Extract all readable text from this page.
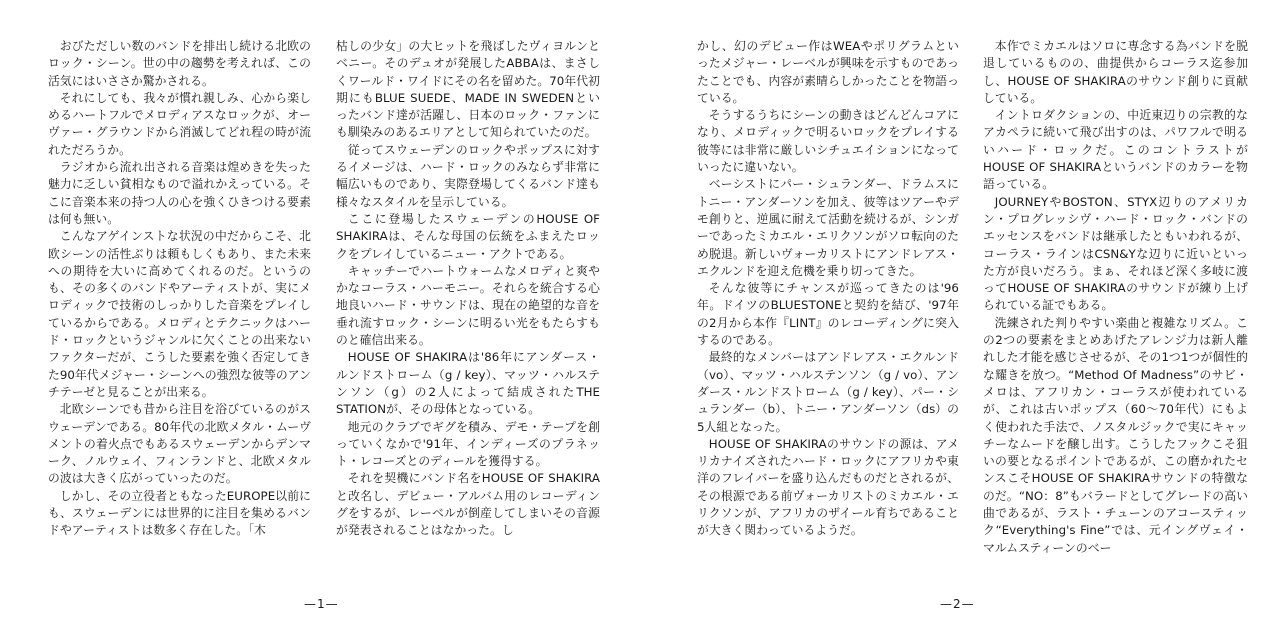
おびただしい数のバンドを排出し続ける北欧のロック・シーン。世の中の趨勢を考えれば、この活気にはいささか驚かされる。

それにしても、我々が慣れ親しみ、心から楽しめるハートフルでメロディアスなロックが、オーヴァー・グラウンドから消滅してどれ程の時が流れただろうか。

ラジオから流れ出される音楽は煌めきを失った魅力に乏しい貧相なもので溢れかえっている。そこに音楽本来の持つ人の心を強くひきつける要素は何も無い。

こんなアゲインストな状況の中だからこそ、北欧シーンの活性ぶりは頼もしくもあり、また未来への期待を大いに高めてくれるのだ。というのも、その多くのバンドやアーティストが、実にメロディックで技術のしっかりした音楽をプレイしているからである。メロディとテクニックはハード・ロックというジャンルに欠くことの出来ないファクターだが、こうした要素を強く否定してきた90年代メジャー・シーンへの強烈な彼等のアンチテーゼと見ることが出来る。

北欧シーンでも昔から注目を浴びているのがスウェーデンである。80年代の北欧メタル・ムーヴメントの着火点でもあるスウェーデンからデンマーク、ノルウェイ、フィンランドと、北欧メタルの波は大きく広がっていったのだ。

しかし、その立役者ともなったEUROPE以前にも、スウェーデンには世界的に注目を集めるバンドやアーティストは数多く存在した。「木

枯しの少女」の大ヒットを飛ばしたヴィヨルンとベニー。そのデュオが発展したABBAは、まさしくワールド・ワイドにその名を留めた。70年代初期にもBLUE SUEDE、MADE IN SWEDENといったバンド達が活躍し、日本のロック・ファンにも馴染みのあるエリアとして知られていたのだ。

従ってスウェーデンのロックやポップスに対するイメージは、ハード・ロックのみならず非常に幅広いものであり、実際登場してくるバンド達も様々なスタイルを呈示している。

ここに登場したスウェーデンのHOUSE OF SHAKIRAは、そんな母国の伝統をふまえたロックをプレイしているニュー・アクトである。

キャッチーでハートウォームなメロディと爽やかなコーラス・ハーモニー。それらを統合する心地良いハード・サウンドは、現在の絶望的な音を垂れ流すロック・シーンに明るい光をもたらすものと確信出来る。

HOUSE OF SHAKIRAは'86年にアンダース・ルンドストローム（g / key）、マッツ・ハルステンソン（g）の2人によって結成されたTHE STATIONが、その母体となっている。

地元のクラブでギグを積み、デモ・テープを創っていくなかで'91年、インディーズのプラネット・レコーズとのディールを獲得する。

それを契機にバンド名をHOUSE OF SHAKIRAと改名し、デビュー・アルバム用のレコーディングをするが、レーベルが倒産してしまいその音源が発表されることはなかった。し

—1—

かし、幻のデビュー作はWEAやポリグラムといったメジャー・レーベルが興味を示すものであったことでも、内容が素晴らしかったことを物語っている。

そうするうちにシーンの動きはどんどんコアになり、メロディックで明るいロックをプレイする彼等には非常に厳しいシチュエイションになっていったに違いない。

ベーシストにパー・シュランダー、ドラムスにトニー・アンダーソンを加え、彼等はツアーやデモ創りと、逆風に耐えて活動を続けるが、シンガーであったミカエル・エリクソンがソロ転向のため脱退。新しいヴォーカリストにアンドレアス・エクルンドを迎え危機を乗り切ってきた。

そんな彼等にチャンスが巡ってきたのは'96年。ドイツのBLUESTONEと契約を結び、'97年の2月から本作『LINT』のレコーディングに突入するのである。

最終的なメンバーはアンドレアス・エクルンド（vo）、マッツ・ハルステンソン（g / vo）、アンダース・ルンドストローム（g / key）、パー・シュランダー（b）、トニー・アンダーソン（ds）の5人組となった。

HOUSE OF SHAKIRAのサウンドの源は、アメリカナイズされたハード・ロックにアフリカや東洋のフレイバーを盛り込んだものだとされるが、その根源である前ヴォーカリストのミカエル・エリクソンが、アフリカのザイール育ちであることが大きく関わっているようだ。

本作でミカエルはソロに専念する為バンドを脱退しているものの、曲提供からコーラス迄参加し、HOUSE OF SHAKIRAのサウンド創りに貢献している。

イントロダクションの、中近東辺りの宗教的なアカペラに続いて飛び出すのは、パワフルで明るいハード・ロックだ。このコントラストがHOUSE OF SHAKIRAというバンドのカラーを物語っている。

JOURNEYやBOSTON、STYX辺りのアメリカン・プログレッシヴ・ハード・ロック・バンドのエッセンスをバンドは継承したともいわれるが、コーラス・ラインはCSN&Yな辺りに近いといった方が良いだろう。まぁ、それほど深く多岐に渡ってHOUSE OF SHAKIRAのサウンドが練り上げられている証でもある。

洗練された判りやすい楽曲と複雑なリズム。この2つの要素をまとめあげたアレンジ力は新人離れした才能を感じさせるが、その1つ1つが個性的な耀きを放つ。“Method Of Madness”のサビ・メロは、アフリカン・コーラスが使われているが、これは古いポップス（60〜70年代）にもよく使われた手法で、ノスタルジックで実にキャッチーなムードを醸し出す。こうしたフックこそ狙いの要となるポイントであるが、この磨かれたセンスこそHOUSE OF SHAKIRAサウンドの特徴なのだ。“NO：8”もバラードとしてグレードの高い曲であるが、ラスト・チューンのアコースティック“Everything's Fine”では、元イングヴェイ・マルムスティーンのベー

—2—
